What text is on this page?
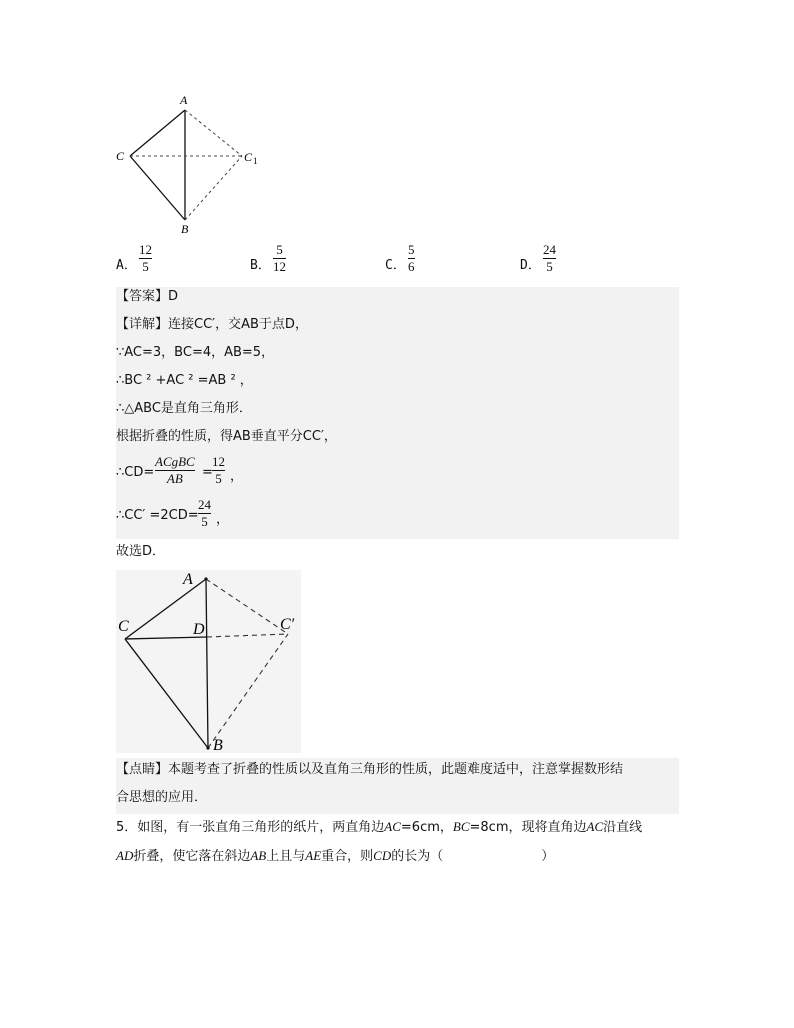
A
C	C 1
B
A．
12
5	B．
5
12	C．
5
6	D．
24
5
【答案】D
【详解】连接CC′，交AB于点D，
∵AC=3，BC=4，AB=5，
∴BC ² +AC ² =AB ² ，
∴△ABC是直角三角形．
根据折叠的性质，得AB垂直平分CC′，
∴CD=
ACgBC
AB =
12
5 ，
∴CC′ =2CD=
24
5 ，
故选D．
A
C	D	C′
B
【点睛】本题考查了折叠的性质以及直角三角形的性质，此题难度适中，注意掌握数形结
合思想的应用．
5．如图，有一张直角三角形的纸片，两直角边AC=6cm，BC=8cm，现将直角边AC沿直线
AD折叠，使它落在斜边AB上且与AE重合，则CD的长为（	）
